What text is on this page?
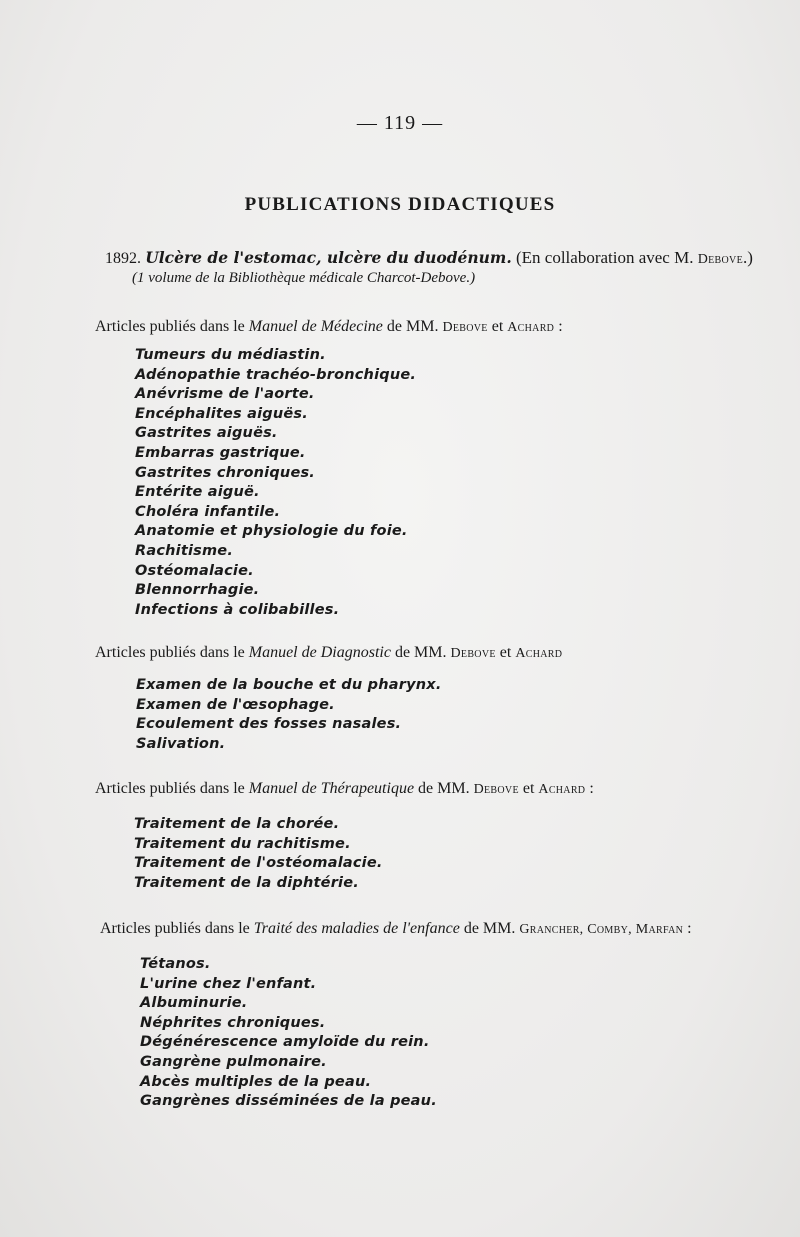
— 119 —
PUBLICATIONS DIDACTIQUES
1892. Ulcère de l'estomac, ulcère du duodénum. (En collaboration avec M. Debove.)
(1 volume de la Bibliothèque médicale Charcot-Debove.)
Articles publiés dans le Manuel de Médecine de MM. Debove et Achard :
Tumeurs du médiastin.
Adénopathie trachéo-bronchique.
Anévrisme de l'aorte.
Encéphalites aiguës.
Gastrites aiguës.
Embarras gastrique.
Gastrites chroniques.
Entérite aiguë.
Choléra infantile.
Anatomie et physiologie du foie.
Rachitisme.
Ostéomalacie.
Blennorrhagie.
Infections à colibabilles.
Articles publiés dans le Manuel de Diagnostic de MM. Debove et Achard
Examen de la bouche et du pharynx.
Examen de l'œsophage.
Ecoulement des fosses nasales.
Salivation.
Articles publiés dans le Manuel de Thérapeutique de MM. Debove et Achard :
Traitement de la chorée.
Traitement du rachitisme.
Traitement de l'ostéomalacie.
Traitement de la diphtérie.
Articles publiés dans le Traité des maladies de l'enfance de MM. Grancher, Comby, Marfan :
Tétanos.
L'urine chez l'enfant.
Albuminurie.
Néphrites chroniques.
Dégénérescence amyloïde du rein.
Gangrène pulmonaire.
Abcès multiples de la peau.
Gangrènes disséminées de la peau.
